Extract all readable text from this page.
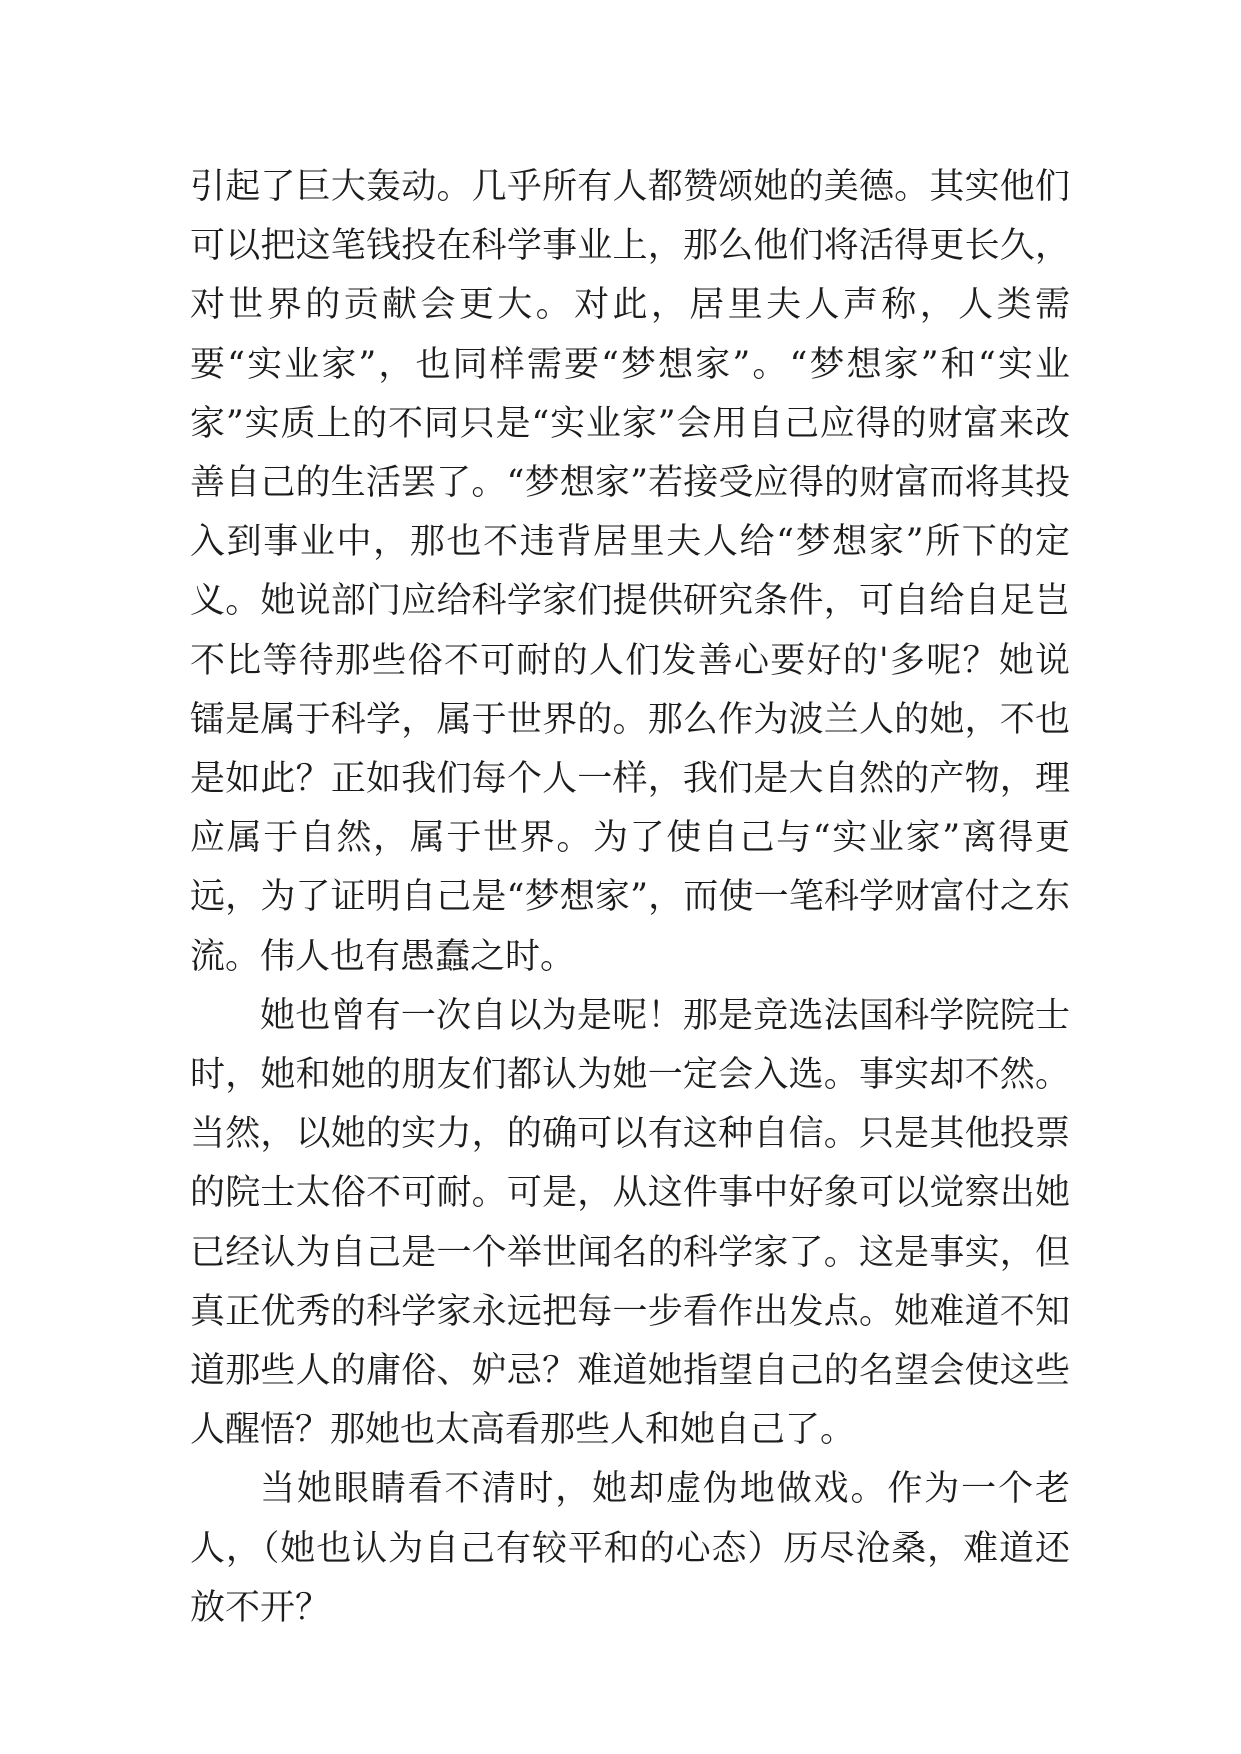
引起了巨大轰动。几乎所有人都赞颂她的美德。其实他们可以把这笔钱投在科学事业上，那么他们将活得更长久，对世界的贡献会更大。对此，居里夫人声称，人类需要“实业家”，也同样需要“梦想家”。“梦想家”和“实业家”实质上的不同只是“实业家”会用自己应得的财富来改善自己的生活罢了。“梦想家”若接受应得的财富而将其投入到事业中，那也不违背居里夫人给“梦想家”所下的定义。她说部门应给科学家们提供研究条件，可自给自足岂不比等待那些俗不可耐的人们发善心要好的'多呢？她说镭是属于科学，属于世界的。那么作为波兰人的她，不也是如此？正如我们每个人一样，我们是大自然的产物，理应属于自然，属于世界。为了使自己与“实业家”离得更远，为了证明自己是“梦想家”，而使一笔科学财富付之东流。伟人也有愚蠢之时。

她也曾有一次自以为是呢！那是竞选法国科学院院士时，她和她的朋友们都认为她一定会入选。事实却不然。当然，以她的实力，的确可以有这种自信。只是其他投票的院士太俗不可耐。可是，从这件事中好象可以觉察出她已经认为自己是一个举世闻名的科学家了。这是事实，但真正优秀的科学家永远把每一步看作出发点。她难道不知道那些人的庸俗、妒忌？难道她指望自己的名望会使这些人醒悟？那她也太高看那些人和她自己了。

当她眼睛看不清时，她却虚伪地做戏。作为一个老人，（她也认为自己有较平和的心态）历尽沧桑，难道还放不开？
